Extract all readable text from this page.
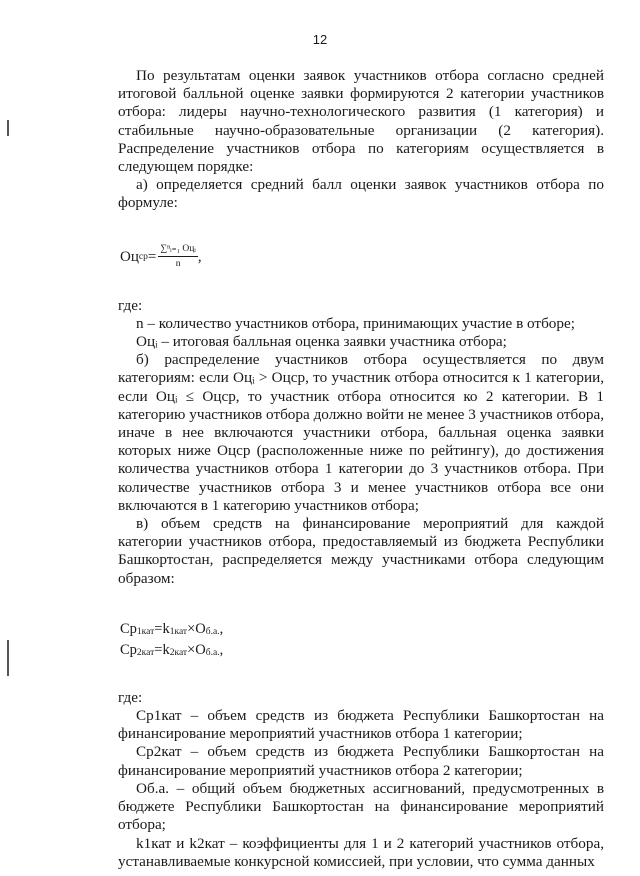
12

По результатам оценки заявок участников отбора согласно средней итоговой балльной оценке заявки формируются 2 категории участников отбора: лидеры научно-технологического развития (1 категория) и стабильные научно-образовательные организации (2 категория). Распределение участников отбора по категориям осуществляется в следующем порядке:

а) определяется средний балл оценки заявок участников отбора по формуле:

Оц ср = $\frac{\text{∑ⁿᵢ₌₁ Оцᵢ}}{n}$ ,

где:

n – количество участников отбора, принимающих участие в отборе;

Оцᵢ – итоговая балльная оценка заявки участника отбора;

б) распределение участников отбора осуществляется по двум категориям: если Оцᵢ > Оцср, то участник отбора относится к 1 категории, если Оцᵢ ≤ Оцср, то участник отбора относится ко 2 категории. В 1 категорию участников отбора должно войти не менее 3 участников отбора, иначе в нее включаются участники отбора, балльная оценка заявки которых ниже Оцср (расположенные ниже по рейтингу), до достижения количества участников отбора 1 категории до 3 участников отбора. При количестве участников отбора 3 и менее участников отбора все они включаются в 1 категорию участников отбора;

в) объем средств на финансирование мероприятий для каждой категории участников отбора, предоставляемый из бюджета Республики Башкортостан, распределяется между участниками отбора следующим образом:

Ср1кат=k1кат×Об.а.,
Ср2кат=k2кат×Об.а.,

где:

Ср1кат – объем средств из бюджета Республики Башкортостан на финансирование мероприятий участников отбора 1 категории;

Ср2кат – объем средств из бюджета Республики Башкортостан на финансирование мероприятий участников отбора 2 категории;

Об.а. – общий объем бюджетных ассигнований, предусмотренных в бюджете Республики Башкортостан на финансирование мероприятий отбора;

k1кат и k2кат – коэффициенты для 1 и 2 категорий участников отбора, устанавливаемые конкурсной комиссией, при условии, что сумма данных
